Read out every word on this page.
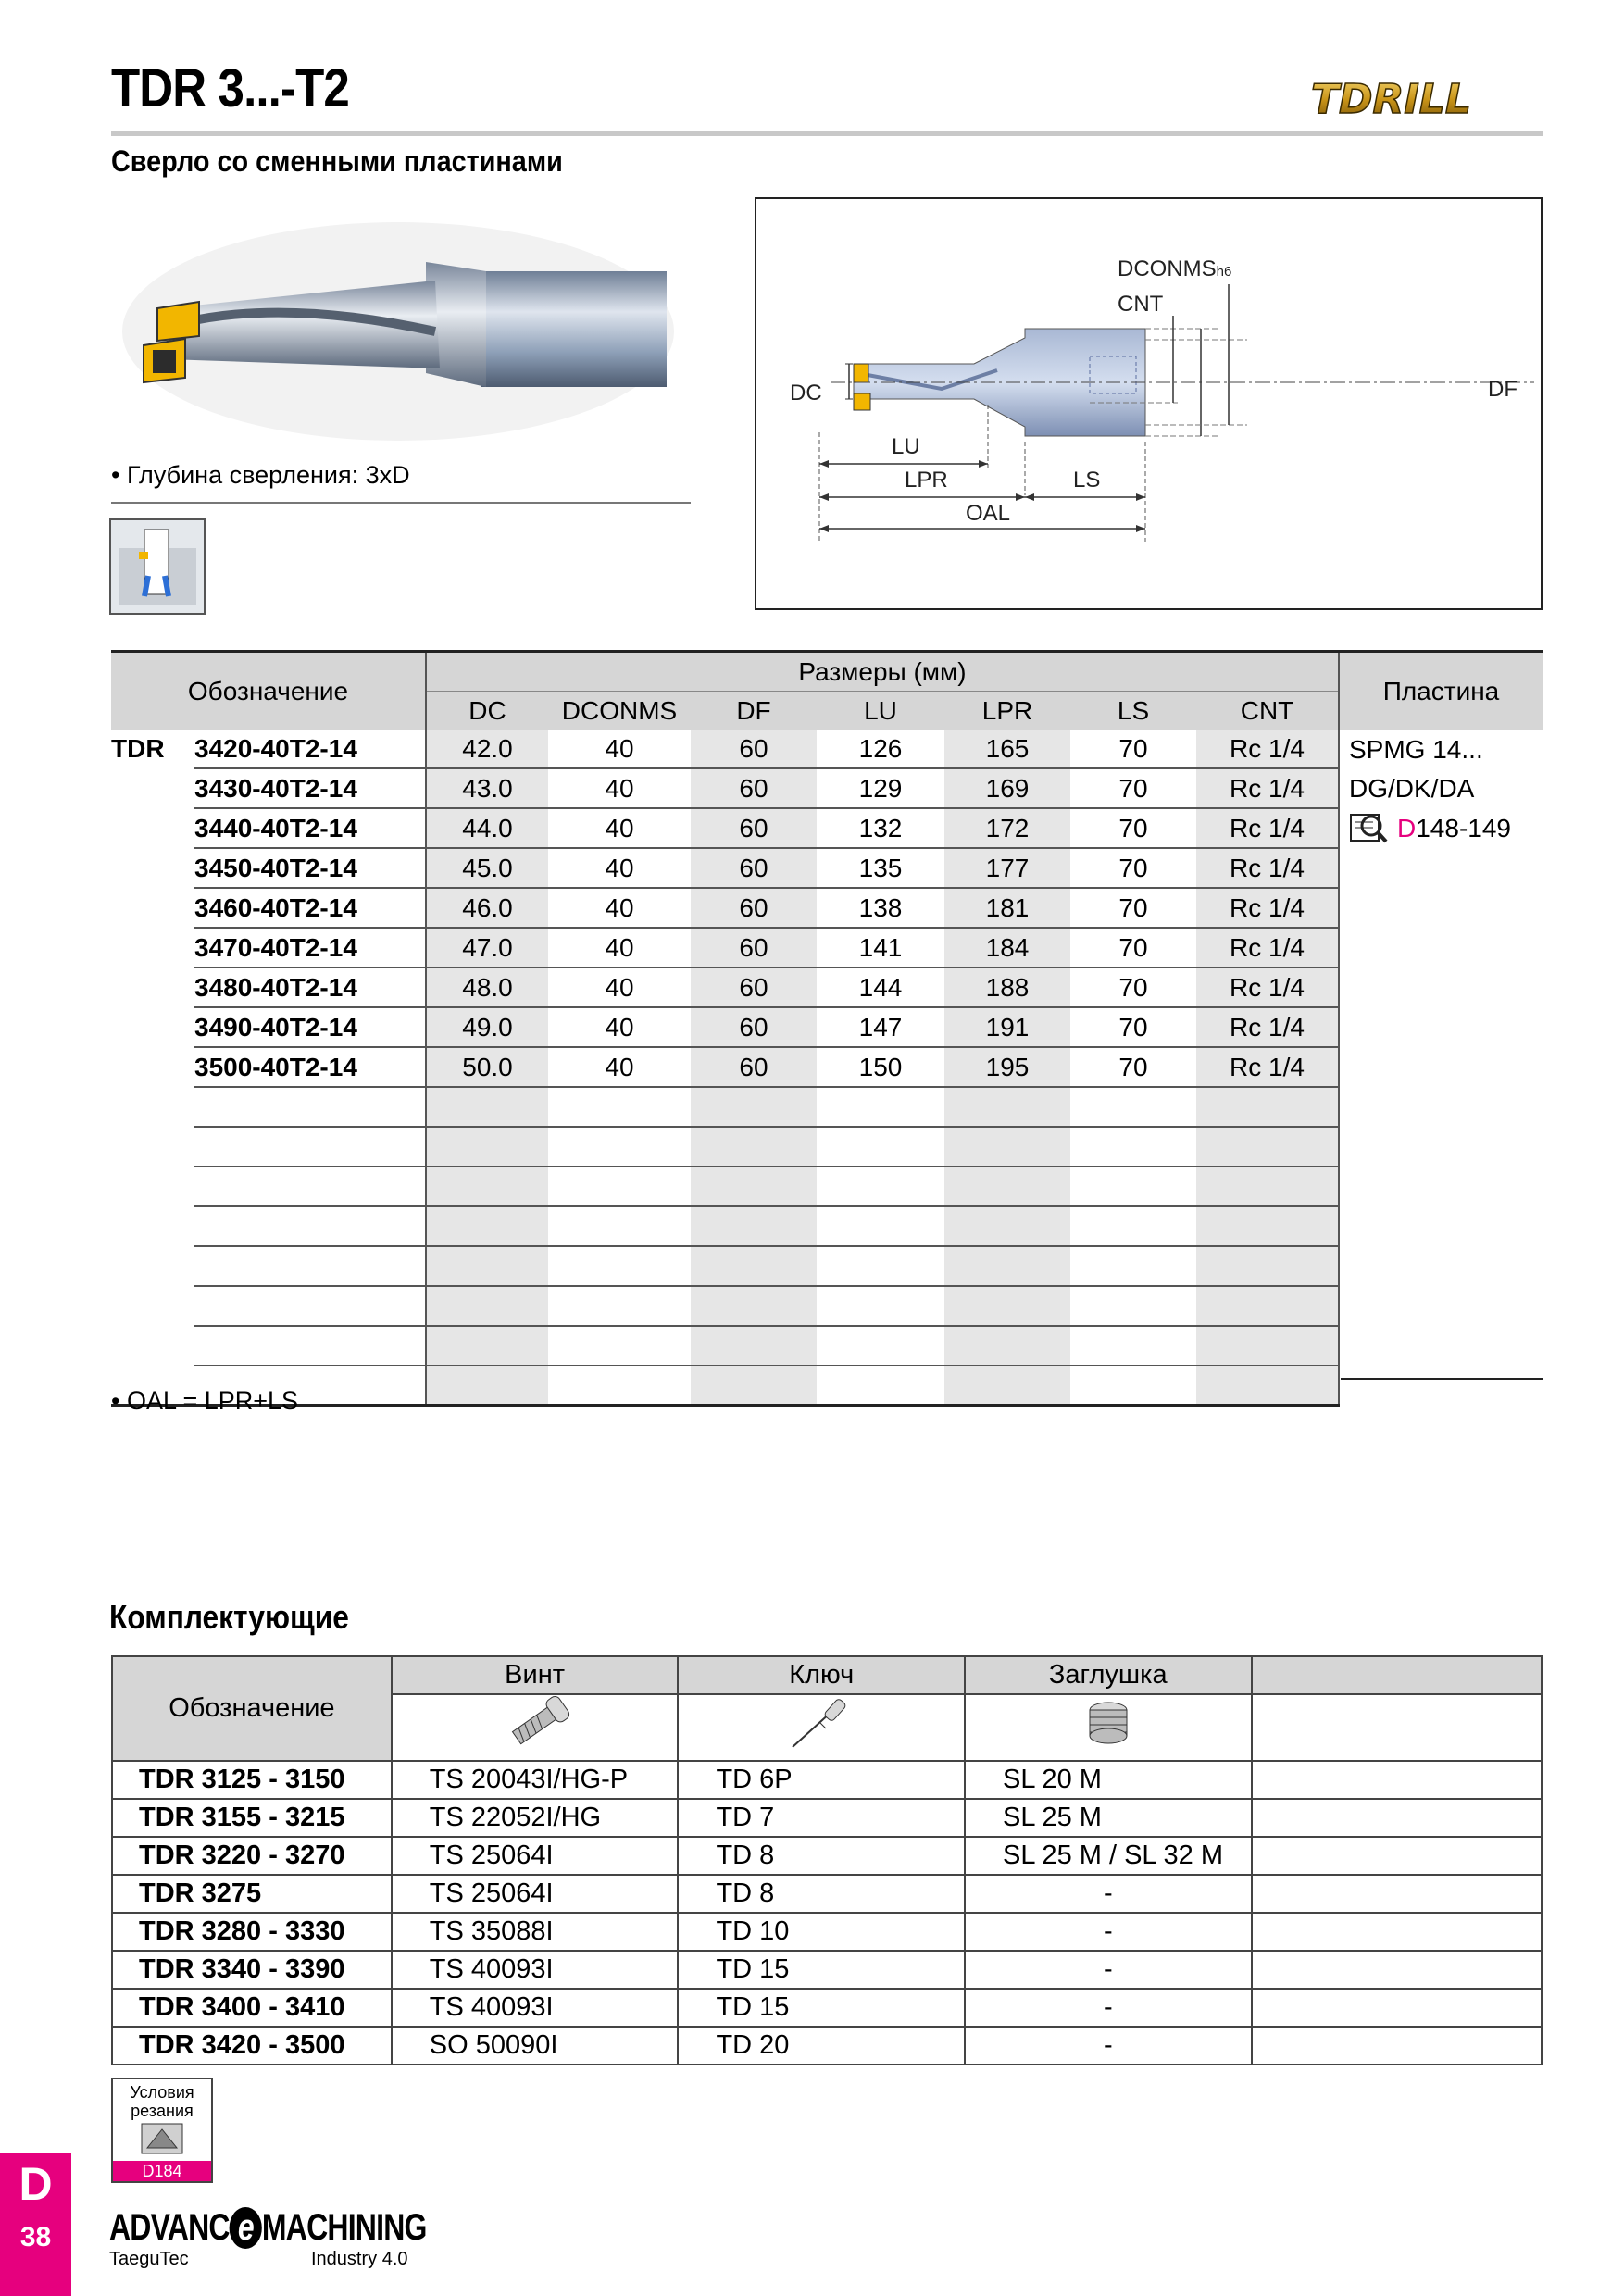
TDR 3...-T2
Сверло со сменными пластинами
TDRILL
• Глубина сверления: 3xD
DCONMSh6
CNT
DC	DF
LU
LPR	LS
OAL
Обозначение		Размеры (мм)							Пластина
		DC	DCONMS	DF	LU	LPR	LS	CNT	
TDR	3420-40T2-14	42.0	40	60	126	165	70	Rc 1/4	SPMG 14...
DG/DK/DA
D 148-149

	3430-40T2-14	43.0	40	60	129	169	70	Rc 1/4	
	3440-40T2-14	44.0	40	60	132	172	70	Rc 1/4	
	3450-40T2-14	45.0	40	60	135	177	70	Rc 1/4	
	3460-40T2-14	46.0	40	60	138	181	70	Rc 1/4	
	3470-40T2-14	47.0	40	60	141	184	70	Rc 1/4	
	3480-40T2-14	48.0	40	60	144	188	70	Rc 1/4	
	3490-40T2-14	49.0	40	60	147	191	70	Rc 1/4	
	3500-40T2-14	50.0	40	60	150	195	70	Rc 1/4	

• OAL = LPR+LS
Комплектующие
Обозначение	Винт	Ключ	Заглушка	

TDR 3125 - 3150	TS 20043I/HG-P	TD 6P	SL 20 M	
TDR 3155 - 3215	TS 22052I/HG	TD 7	SL 25 M	
TDR 3220 - 3270	TS 25064I	TD 8	SL 25 M / SL 32 M	
TDR 3275	TS 25064I	TD 8	-	
TDR 3280 - 3330	TS 35088I	TD 10	-	
TDR 3340 - 3390	TS 40093I	TD 15	-	
TDR 3400 - 3410	TS 40093I	TD 15	-	
TDR 3420 - 3500	SO 50090I	TD 20	-	
Условия
резания
D184
D
38	ADVANC e MACHINING
TaeguTec	Industry 4.0
